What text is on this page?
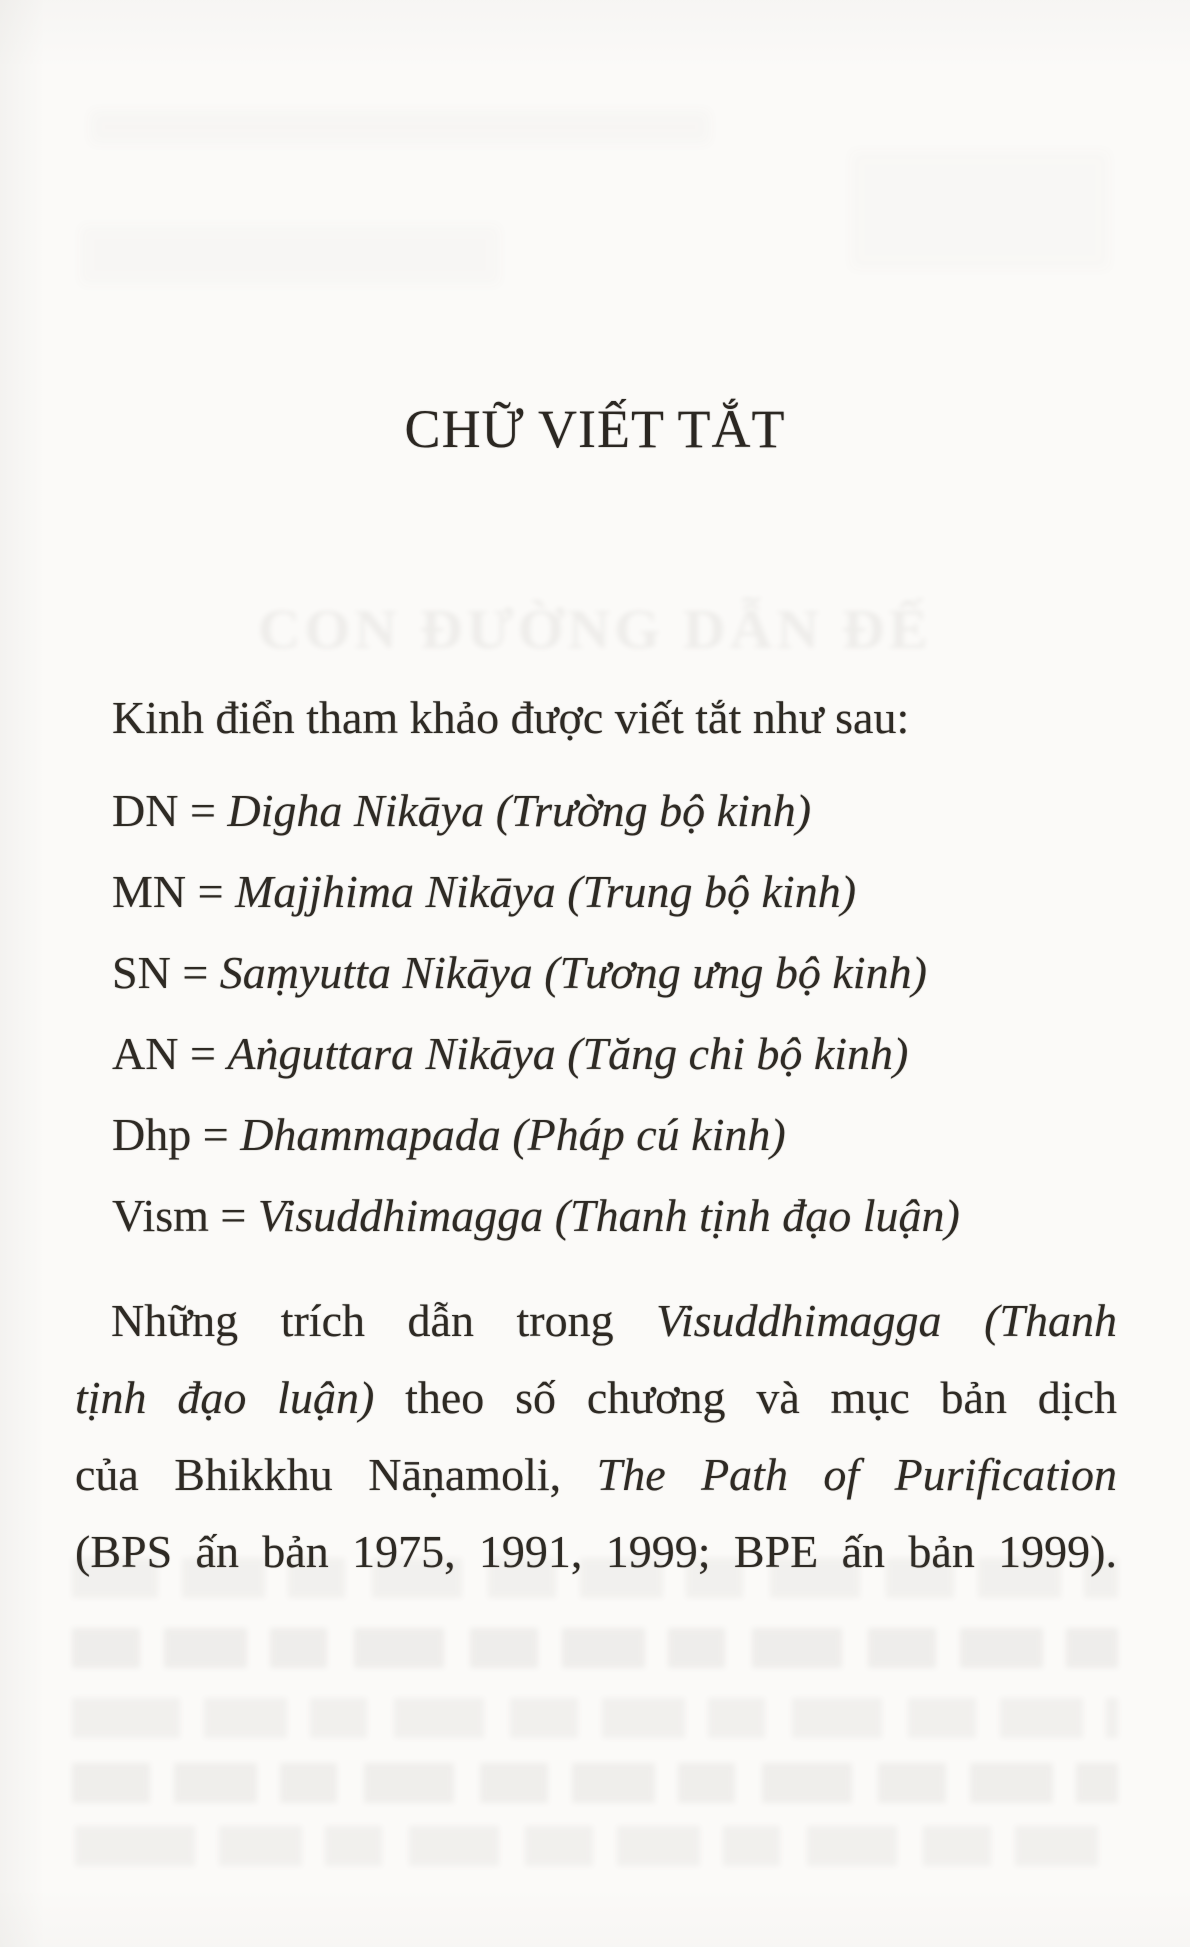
CHỮ VIẾT TẮT
CON ĐƯỜNG DẪN ĐẾ
Kinh điển tham khảo được viết tắt như sau:
DN = Digha Nikāya (Trường bộ kinh)
MN = Majjhima Nikāya (Trung bộ kinh)
SN = Saṃyutta Nikāya (Tương ưng bộ kinh)
AN = Aṅguttara Nikāya (Tăng chi bộ kinh)
Dhp = Dhammapada (Pháp cú kinh)
Vism = Visuddhimagga (Thanh tịnh đạo luận)
Những trích dẫn trong Visuddhimagga (Thanh
tịnh đạo luận) theo số chương và mục bản dịch
của Bhikkhu Nāṇamoli, The Path of Purification
(BPS ấn bản 1975, 1991, 1999; BPE ấn bản 1999).
